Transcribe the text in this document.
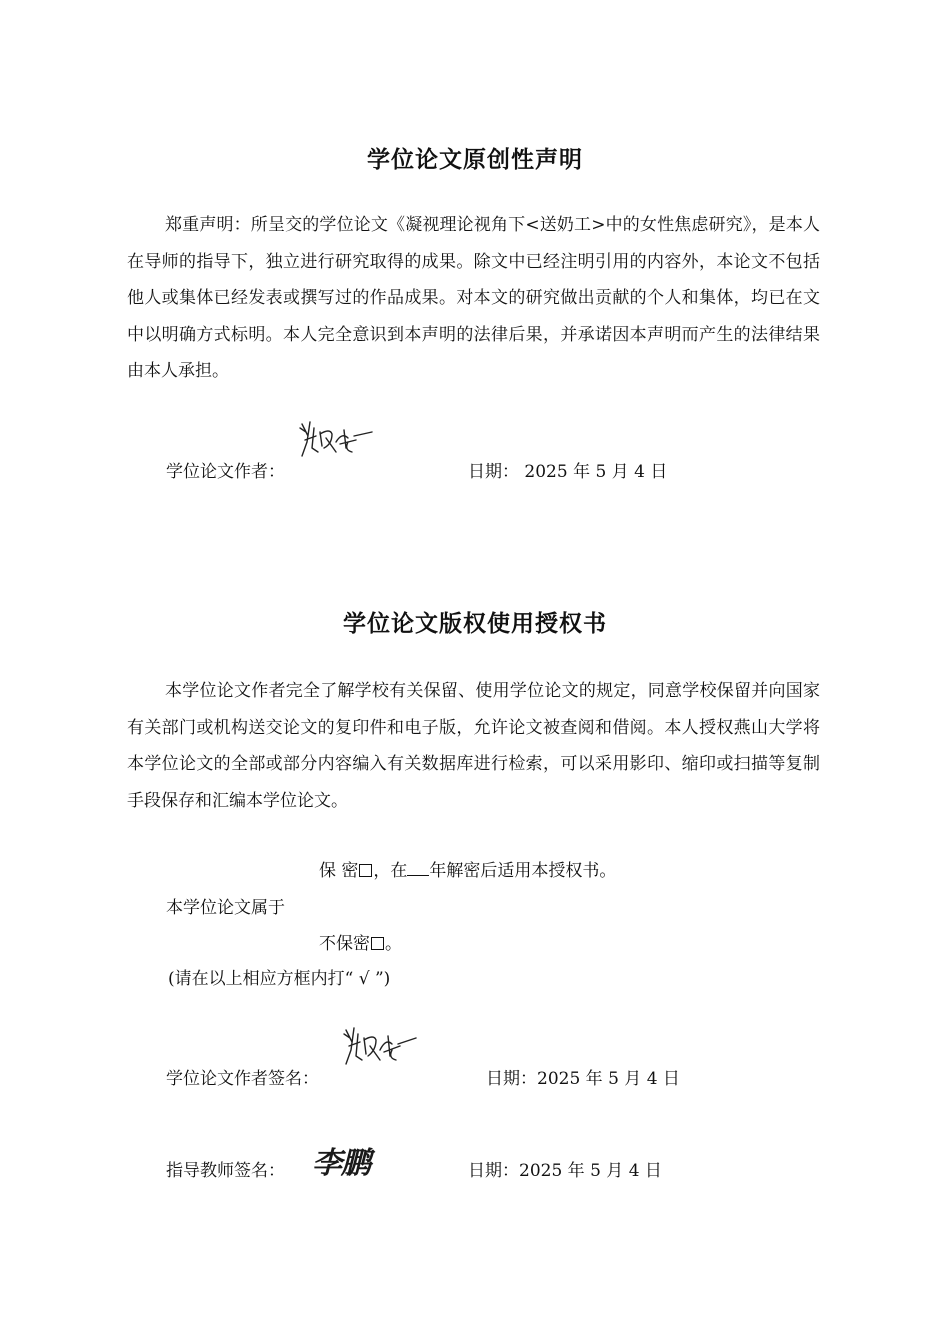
学位论文原创性声明
郑重声明：所呈交的学位论文《凝视理论视角下<送奶工>中的女性焦虑研究》，是本人在导师的指导下，独立进行研究取得的成果。除文中已经注明引用的内容外，本论文不包括他人或集体已经发表或撰写过的作品成果。对本文的研究做出贡献的个人和集体，均已在文中以明确方式标明。本人完全意识到本声明的法律后果，并承诺因本声明而产生的法律结果由本人承担。
学位论文作者：	日期： 2025 年 5 月 4 日
学位论文版权使用授权书
本学位论文作者完全了解学校有关保留、使用学位论文的规定，同意学校保留并向国家有关部门或机构送交论文的复印件和电子版，允许论文被查阅和借阅。本人授权燕山大学将本学位论文的全部或部分内容编入有关数据库进行检索，可以采用影印、缩印或扫描等复制手段保存和汇编本学位论文。
保 密 ，在 年解密后适用本授权书。
本学位论文属于
不保密 。
(请在以上相应方框内打“ √ ”)
学位论文作者签名：	日期：2025 年 5 月 4 日
指导教师签名： 李鹏	日期：2025 年 5 月 4 日
